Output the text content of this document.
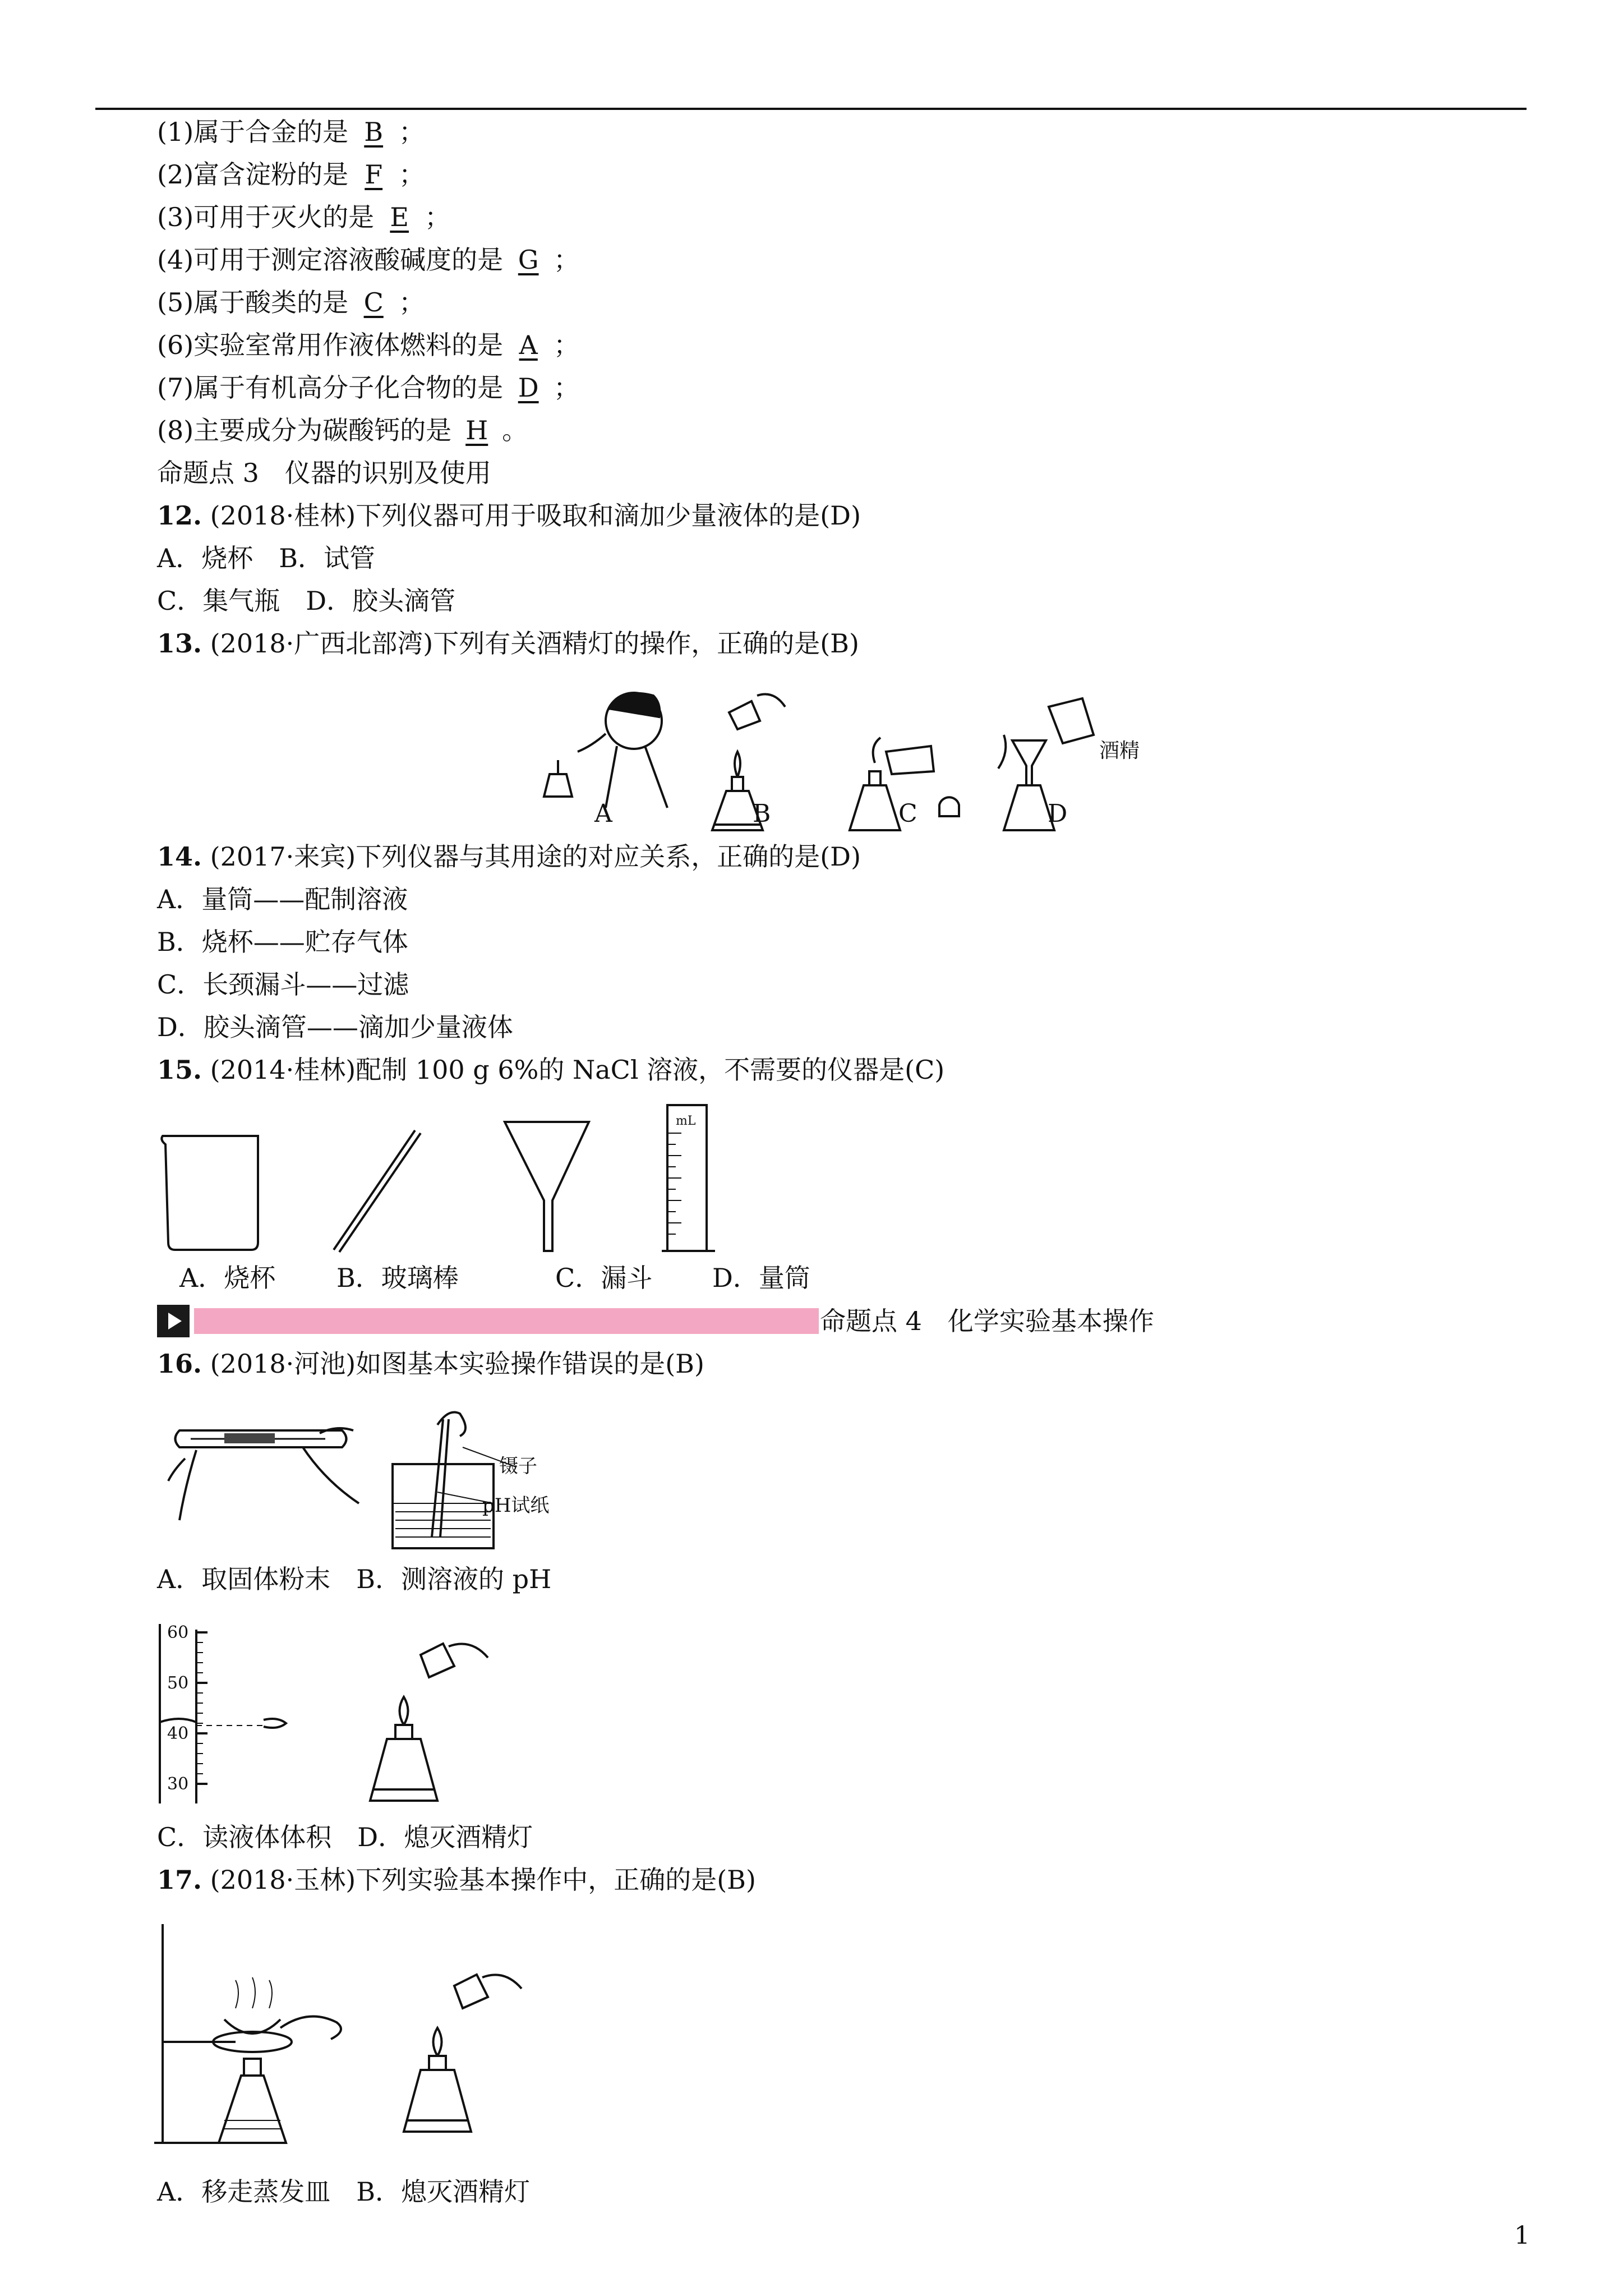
(1)属于合金的是 B ；
(2)富含淀粉的是 F ；
(3)可用于灭火的是 E ；
(4)可用于测定溶液酸碱度的是 G ；
(5)属于酸类的是 C ；
(6)实验室常用作液体燃料的是 A ；
(7)属于有机高分子化合物的是 D ；
(8)主要成分为碳酸钙的是 H 。
命题点 3　仪器的识别及使用
12. (2018·桂林)下列仪器可用于吸取和滴加少量液体的是(D)
A．烧杯　B．试管
C．集气瓶　D．胶头滴管
13. (2018·广西北部湾)下列有关酒精灯的操作，正确的是(B)
酒精
A	B	C	D
14. (2017·来宾)下列仪器与其用途的对应关系，正确的是(D)
A．量筒——配制溶液
B．烧杯——贮存气体
C．长颈漏斗——过滤
D．胶头滴管——滴加少量液体
15. (2014·桂林)配制 100 g 6%的 NaCl 溶液，不需要的仪器是(C)
mL
A．烧杯 B．玻璃棒	C．漏斗 D．量筒
命题点 4　化学实验基本操作
16. (2018·河池)如图基本实验操作错误的是(B)
镊子
pH试纸
A．取固体粉末　B．测溶液的 pH
60
50
40
30
C．读液体体积　D．熄灭酒精灯
17. (2018·玉林)下列实验基本操作中，正确的是(B)
A．移走蒸发皿　B．熄灭酒精灯
1
